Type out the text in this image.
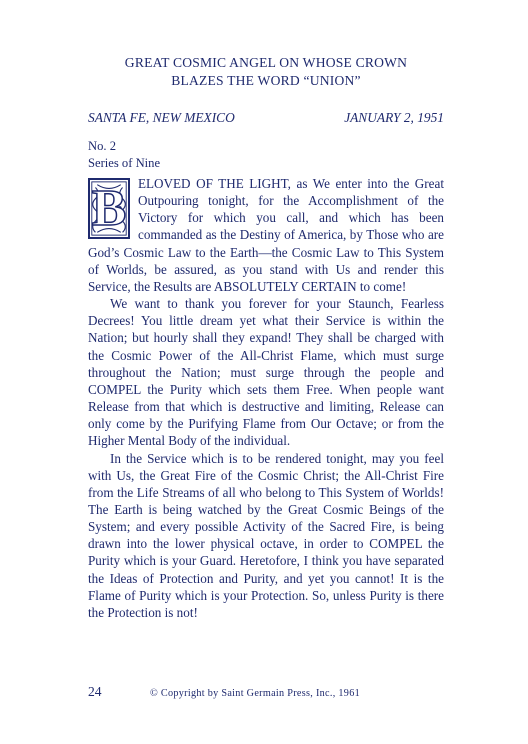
GREAT COSMIC ANGEL ON WHOSE CROWN
BLAZES THE WORD “UNION”
SANTA FE, NEW MEXICO	JANUARY 2, 1951
No. 2
Series of Nine

B ELOVED OF THE LIGHT, as We enter into the Great Outpouring tonight, for the Accomplishment of the Victory for which you call, and which has been commanded as the Destiny of America, by Those who are God’s Cosmic Law to the Earth—the Cosmic Law to This System of Worlds, be assured, as you stand with Us and render this Service, the Results are ABSOLUTELY CERTAIN to come!

We want to thank you forever for your Staunch, Fearless Decrees! You little dream yet what their Service is within the Nation; but hourly shall they expand! They shall be charged with the Cosmic Power of the All-Christ Flame, which must surge throughout the Nation; must surge through the people and COMPEL the Purity which sets them Free. When people want Release from that which is destructive and limiting, Release can only come by the Purifying Flame from Our Octave; or from the Higher Mental Body of the individual.

In the Service which is to be rendered tonight, may you feel with Us, the Great Fire of the Cosmic Christ; the All-Christ Fire from the Life Streams of all who belong to This System of Worlds! The Earth is being watched by the Great Cosmic Beings of the System; and every possible Activity of the Sacred Fire, is being drawn into the lower physical octave, in order to COMPEL the Purity which is your Guard. Heretofore, I think you have separated the Ideas of Protection and Purity, and yet you cannot! It is the Flame of Purity which is your Protection. So, unless Purity is there the Protection is not!

24	© Copyright by Saint Germain Press, Inc., 1961
